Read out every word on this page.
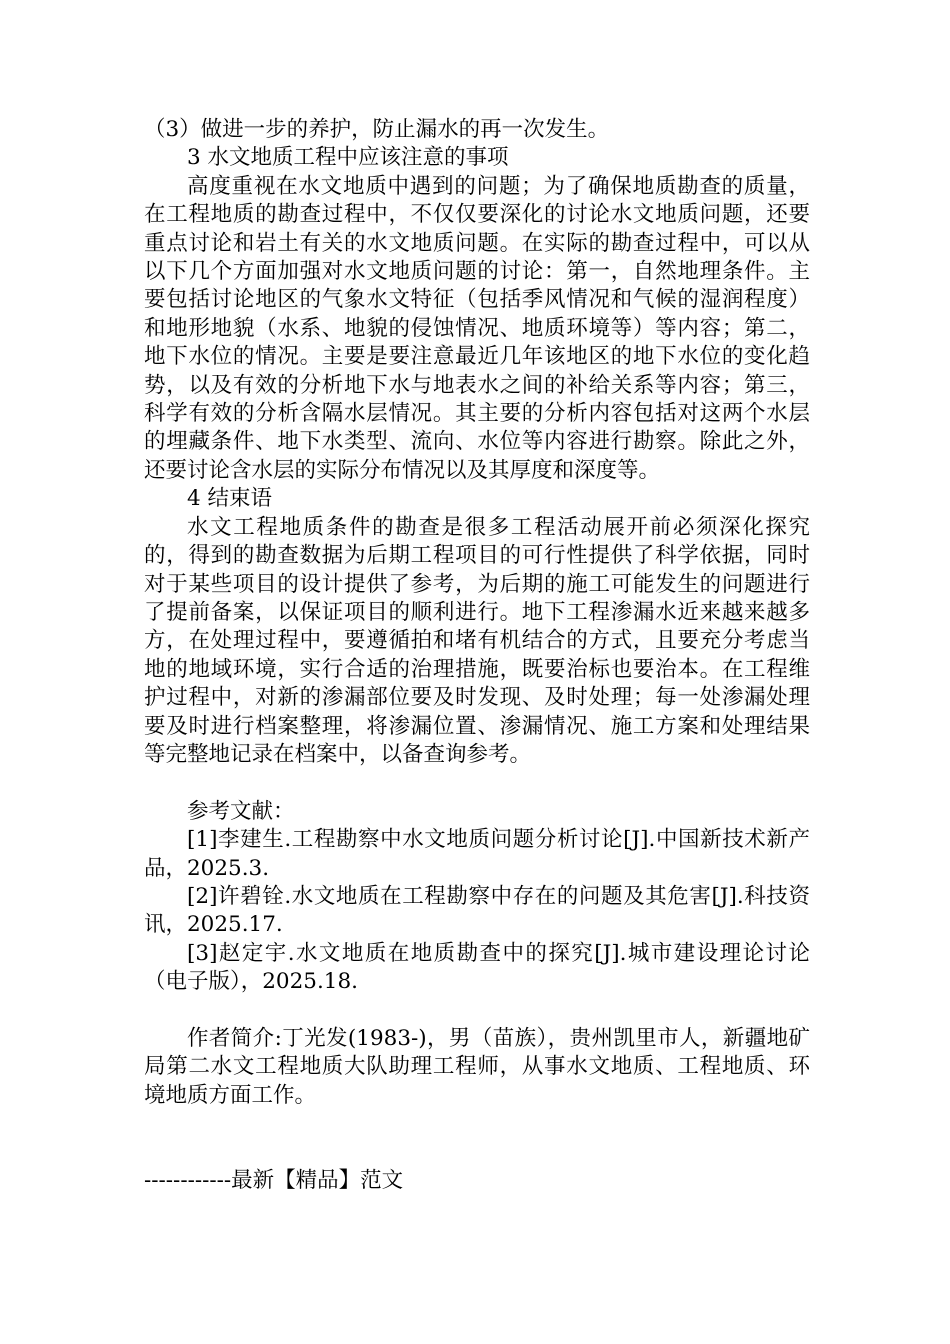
（3）做进一步的养护，防止漏水的再一次发生。

3 水文地质工程中应该注意的事项

高度重视在水文地质中遇到的问题；为了确保地质勘查的质量，在工程地质的勘查过程中，不仅仅要深化的讨论水文地质问题，还要重点讨论和岩土有关的水文地质问题。在实际的勘查过程中，可以从以下几个方面加强对水文地质问题的讨论：第一，自然地理条件。主要包括讨论地区的气象水文特征（包括季风情况和气候的湿润程度）和地形地貌（水系、地貌的侵蚀情况、地质环境等）等内容；第二，地下水位的情况。主要是要注意最近几年该地区的地下水位的变化趋势，以及有效的分析地下水与地表水之间的补给关系等内容；第三，科学有效的分析含隔水层情况。其主要的分析内容包括对这两个水层的埋藏条件、地下水类型、流向、水位等内容进行勘察。除此之外，还要讨论含水层的实际分布情况以及其厚度和深度等。

4 结束语

水文工程地质条件的勘查是很多工程活动展开前必须深化探究的，得到的勘查数据为后期工程项目的可行性提供了科学依据，同时对于某些项目的设计提供了参考，为后期的施工可能发生的问题进行了提前备案，以保证项目的顺利进行。地下工程渗漏水近来越来越多方，在处理过程中，要遵循拍和堵有机结合的方式，且要充分考虑当地的地域环境，实行合适的治理措施，既要治标也要治本。在工程维护过程中，对新的渗漏部位要及时发现、及时处理；每一处渗漏处理要及时进行档案整理，将渗漏位置、渗漏情况、施工方案和处理结果等完整地记录在档案中，以备查询参考。

参考文献：

[1]李建生.工程勘察中水文地质问题分析讨论[J].中国新技术新产品，2025.3.

[2]许碧铨.水文地质在工程勘察中存在的问题及其危害[J].科技资讯，2025.17.

[3]赵定宇.水文地质在地质勘查中的探究[J].城市建设理论讨论（电子版），2025.18.

作者简介:丁光发(1983-)，男（苗族），贵州凯里市人，新疆地矿局第二水文工程地质大队助理工程师，从事水文地质、工程地质、环境地质方面工作。

------------最新【精品】范文
